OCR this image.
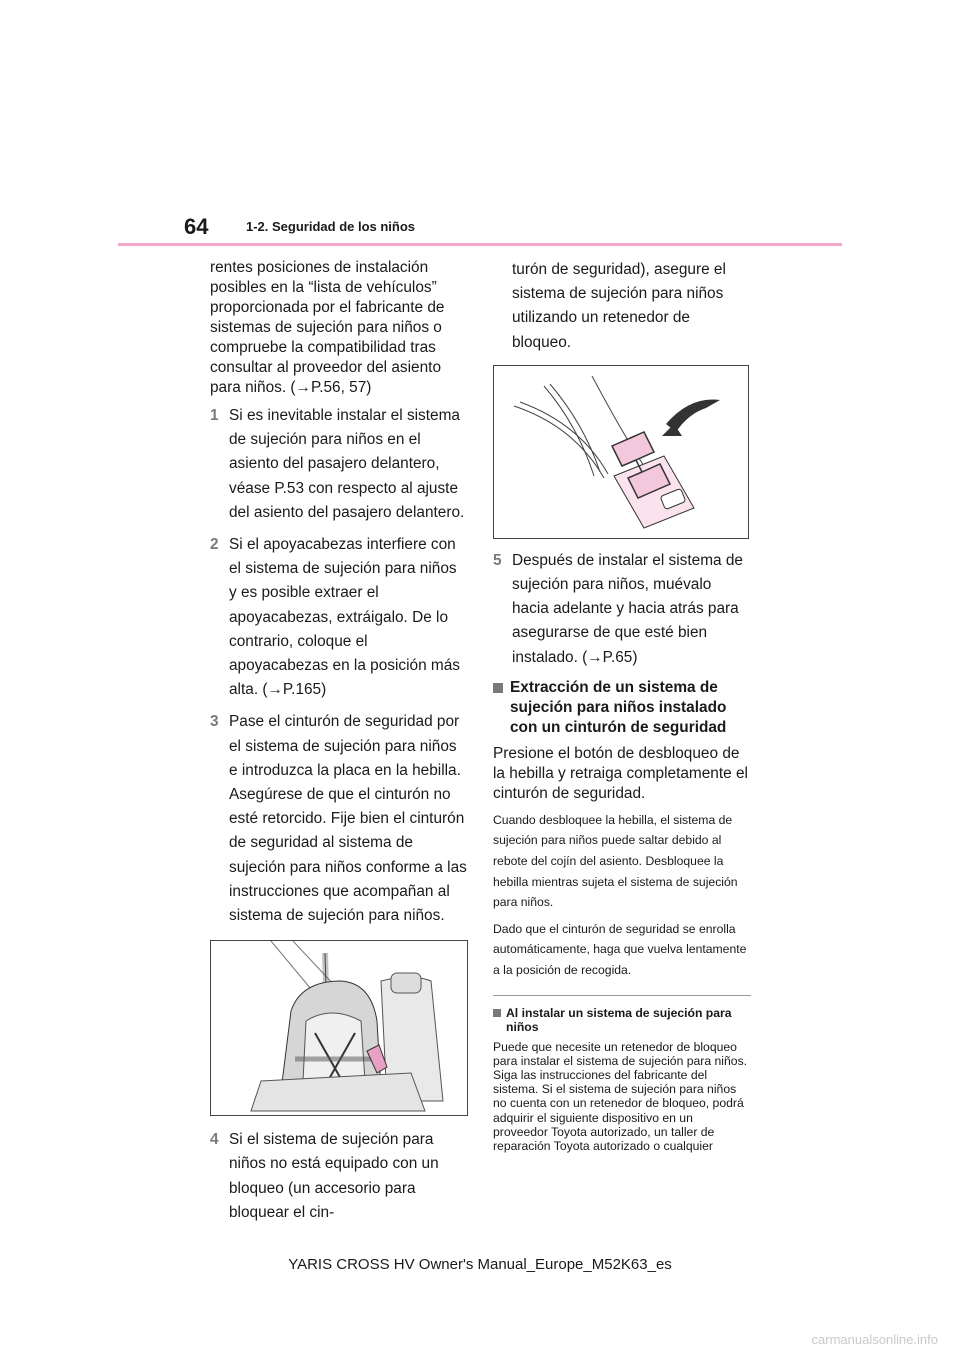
64	1-2. Seguridad de los niños

rentes posiciones de instalación posibles en la “lista de vehículos” proporcionada por el fabricante de sistemas de sujeción para niños o compruebe la compatibilidad tras consultar al proveedor del asiento para niños. (→P.56, 57)

1 Si es inevitable instalar el sistema de sujeción para niños en el asiento del pasajero delantero, véase P.53 con respecto al ajuste del asiento del pasajero delantero.
2 Si el apoyacabezas interfiere con el sistema de sujeción para niños y es posible extraer el apoyacabezas, extráigalo. De lo contrario, coloque el apoyacabezas en la posición más alta. (→P.165)
3 Pase el cinturón de seguridad por el sistema de sujeción para niños e introduzca la placa en la hebilla. Asegúrese de que el cinturón no esté retorcido. Fije bien el cinturón de seguridad al sistema de sujeción para niños conforme a las instrucciones que acompañan al sistema de sujeción para niños.
4 Si el sistema de sujeción para niños no está equipado con un bloqueo (un accesorio para bloquear el cin-

turón de seguridad), asegure el sistema de sujeción para niños utilizando un retenedor de bloqueo.

5 Después de instalar el sistema de sujeción para niños, muévalo hacia adelante y hacia atrás para asegurarse de que esté bien instalado. (→P.65)
Extracción de un sistema de sujeción para niños instalado con un cinturón de seguridad

Presione el botón de desbloqueo de la hebilla y retraiga completamente el cinturón de seguridad.

Cuando desbloquee la hebilla, el sistema de sujeción para niños puede saltar debido al rebote del cojín del asiento. Desbloquee la hebilla mientras sujeta el sistema de sujeción para niños.

Dado que el cinturón de seguridad se enrolla automáticamente, haga que vuelva lentamente a la posición de recogida.

Al instalar un sistema de sujeción para niños

Puede que necesite un retenedor de bloqueo para instalar el sistema de sujeción para niños. Siga las instrucciones del fabricante del sistema. Si el sistema de sujeción para niños no cuenta con un retenedor de bloqueo, podrá adquirir el siguiente dispositivo en un proveedor Toyota autorizado, un taller de reparación Toyota autorizado o cualquier

YARIS CROSS HV Owner's Manual_Europe_M52K63_es
carmanualsonline.info
